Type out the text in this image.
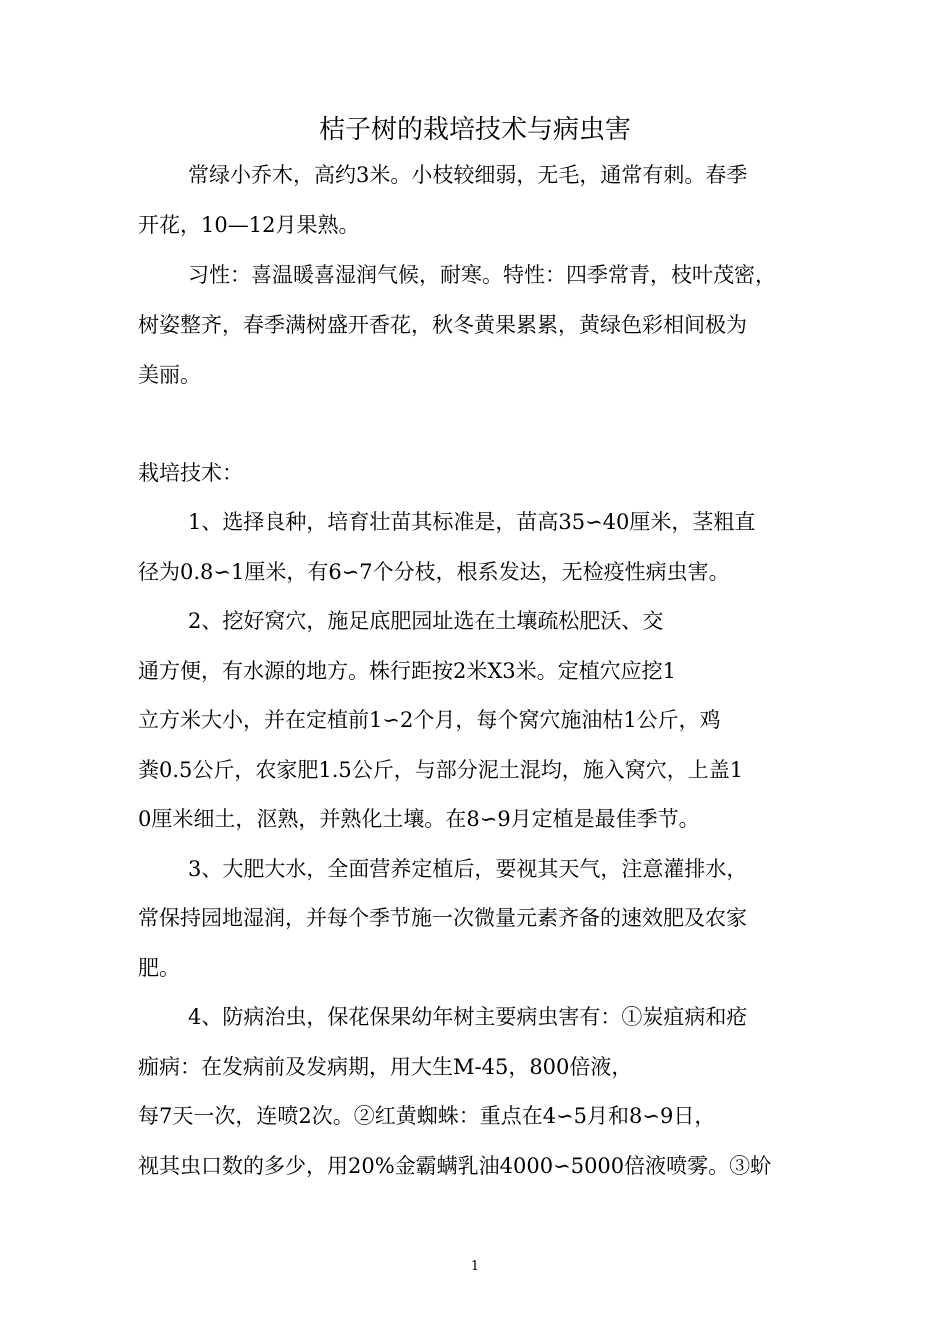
桔子树的栽培技术与病虫害

常绿小乔木，高约3米。小枝较细弱，无毛，通常有刺。春季

开花，10—12月果熟。

习性：喜温暖喜湿润气候，耐寒。特性：四季常青，枝叶茂密，

树姿整齐，春季满树盛开香花，秋冬黄果累累，黄绿色彩相间极为

美丽。

栽培技术：

1、选择良种，培育壮苗其标准是，苗高35∽40厘米，茎粗直

径为0.8∽1厘米，有6∽7个分枝，根系发达，无检疫性病虫害。

2、挖好窝穴，施足底肥园址选在土壤疏松肥沃、交

通方便，有水源的地方。株行距按2米X3米。定植穴应挖1

立方米大小，并在定植前1∽2个月，每个窝穴施油枯1公斤，鸡

粪0.5公斤，农家肥1.5公斤，与部分泥土混均，施入窝穴，上盖1

0厘米细土，沤熟，并熟化土壤。在8∽9月定植是最佳季节。

3、大肥大水，全面营养定植后，要视其天气，注意灌排水，

常保持园地湿润，并每个季节施一次微量元素齐备的速效肥及农家

肥。

4、防病治虫，保花保果幼年树主要病虫害有：①炭疽病和疮

痂病：在发病前及发病期，用大生M-45，800倍液，

每7天一次，连喷2次。②红黄蜘蛛：重点在4∽5月和8∽9日，

视其虫口数的多少，用20%金霸螨乳油4000∽5000倍液喷雾。③蚧

1
